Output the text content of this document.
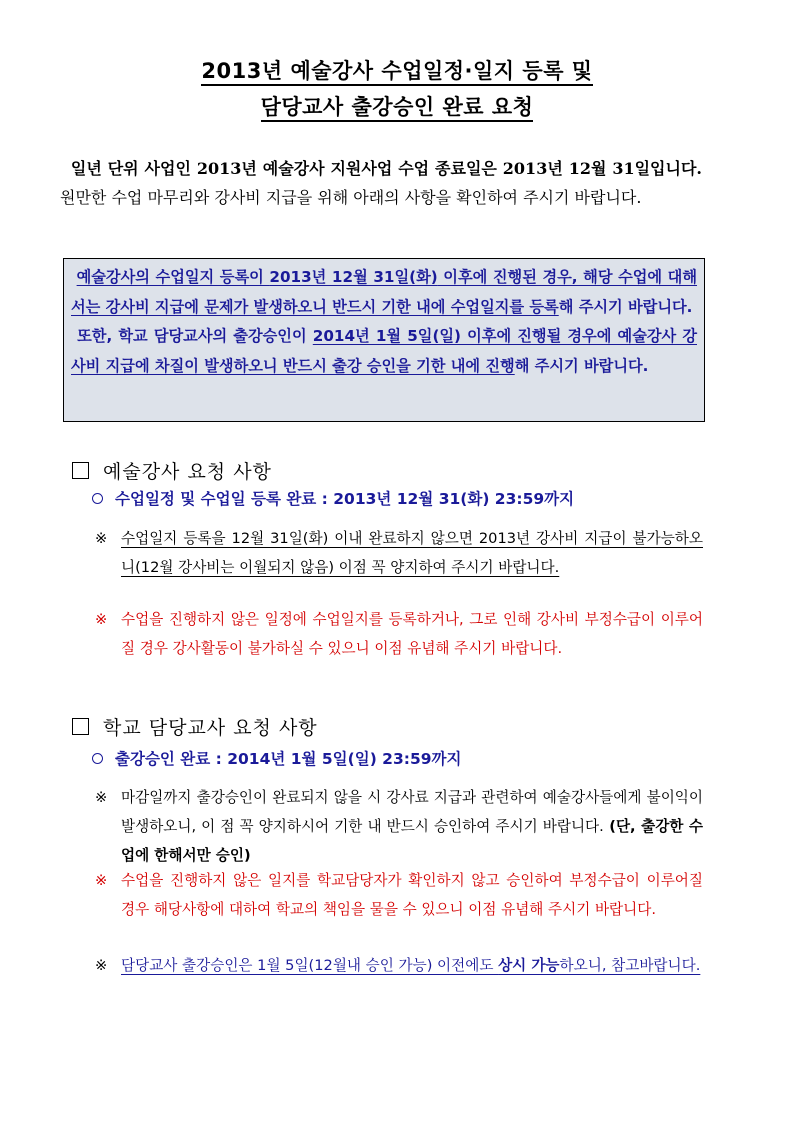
2013년 예술강사 수업일정·일지 등록 및
담당교사 출강승인 완료 요청
일년 단위 사업인 2013년 예술강사 지원사업 수업 종료일은 2013년 12월 31일입니다. 원만한 수업 마무리와 강사비 지급을 위해 아래의 사항을 확인하여 주시기 바랍니다.

예술강사의 수업일지 등록이 2013년 12월 31일(화) 이후에 진행된 경우, 해당 수업에 대해서는 강사비 지급에 문제가 발생하오니 반드시 기한 내에 수업일지를 등록해 주시기 바랍니다.

또한, 학교 담당교사의 출강승인이 2014년 1월 5일(일) 이후에 진행될 경우에 예술강사 강사비 지급에 차질이 발생하오니 반드시 출강 승인을 기한 내에 진행해 주시기 바랍니다.

예술강사 요청 사항
수업일정 및 수업일 등록 완료 : 2013년 12월 31(화) 23:59까지
※ 수업일지 등록을 12월 31일(화) 이내 완료하지 않으면 2013년 강사비 지급이 불가능하오니(12월 강사비는 이월되지 않음) 이점 꼭 양지하여 주시기 바랍니다.
※ 수업을 진행하지 않은 일정에 수업일지를 등록하거나, 그로 인해 강사비 부정수급이 이루어질 경우 강사활동이 불가하실 수 있으니 이점 유념해 주시기 바랍니다.
학교 담당교사 요청 사항
출강승인 완료 : 2014년 1월 5일(일) 23:59까지
※ 마감일까지 출강승인이 완료되지 않을 시 강사료 지급과 관련하여 예술강사들에게 불이익이 발생하오니, 이 점 꼭 양지하시어 기한 내 반드시 승인하여 주시기 바랍니다. (단, 출강한 수업에 한해서만 승인)
※ 수업을 진행하지 않은 일지를 학교담당자가 확인하지 않고 승인하여 부정수급이 이루어질 경우 해당사항에 대하여 학교의 책임을 물을 수 있으니 이점 유념해 주시기 바랍니다.
※ 담당교사 출강승인은 1월 5일(12월내 승인 가능) 이전에도 상시 가능하오니, 참고바랍니다.
